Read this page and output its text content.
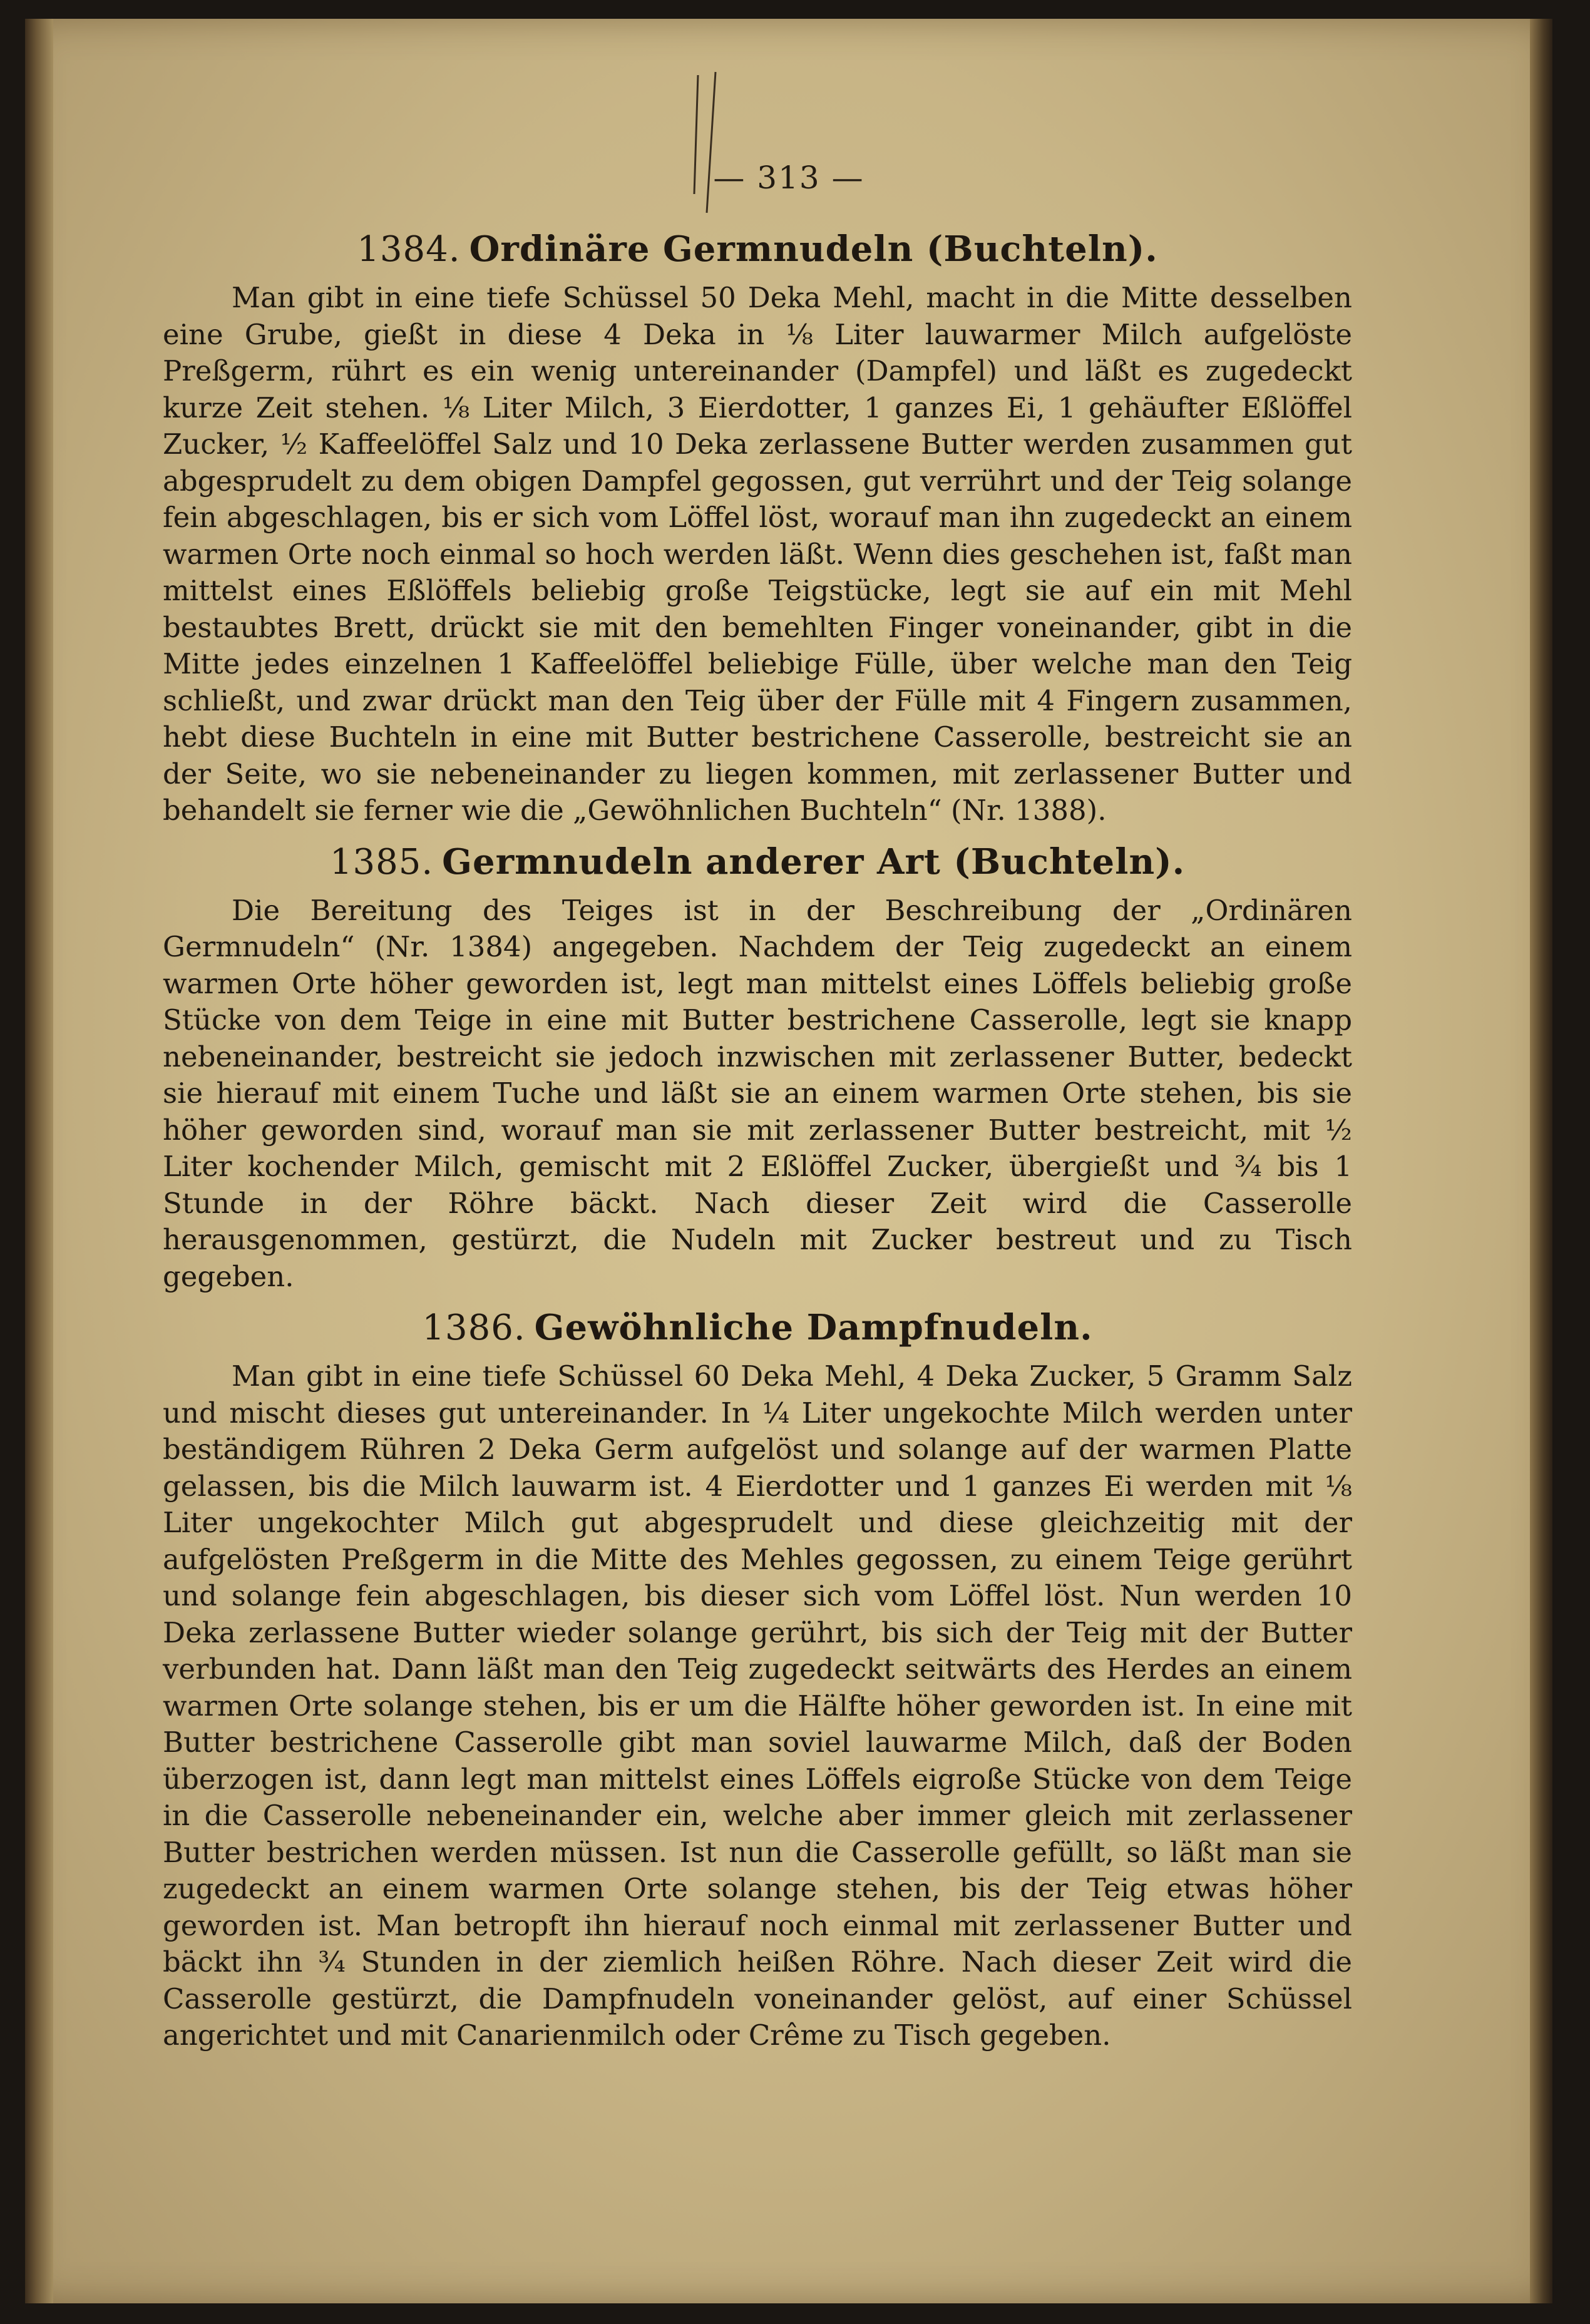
— 313 —
1384. Ordinäre Germnudeln (Buchteln).

Man gibt in eine tiefe Schüssel 50 Deka Mehl, macht in die Mitte desselben eine Grube, gießt in diese 4 Deka in ⅛ Liter lauwarmer Milch aufgelöste Preßgerm, rührt es ein wenig untereinander (Dampfel) und läßt es zugedeckt kurze Zeit stehen. ⅛ Liter Milch, 3 Eierdotter, 1 ganzes Ei, 1 gehäufter Eßlöffel Zucker, ½ Kaffeelöffel Salz und 10 Deka zerlassene Butter werden zusammen gut abgesprudelt zu dem obigen Dampfel gegossen, gut verrührt und der Teig solange fein abgeschlagen, bis er sich vom Löffel löst, worauf man ihn zugedeckt an einem warmen Orte noch einmal so hoch werden läßt. Wenn dies geschehen ist, faßt man mittelst eines Eßlöffels beliebig große Teigstücke, legt sie auf ein mit Mehl bestaubtes Brett, drückt sie mit den bemehlten Finger voneinander, gibt in die Mitte jedes einzelnen 1 Kaffeelöffel beliebige Fülle, über welche man den Teig schließt, und zwar drückt man den Teig über der Fülle mit 4 Fingern zusammen, hebt diese Buchteln in eine mit Butter bestrichene Casserolle, bestreicht sie an der Seite, wo sie nebeneinander zu liegen kommen, mit zerlassener Butter und behandelt sie ferner wie die „Gewöhnlichen Buchteln“ (Nr. 1388).

1385. Germnudeln anderer Art (Buchteln).

Die Bereitung des Teiges ist in der Beschreibung der „Ordinären Germnudeln“ (Nr. 1384) angegeben. Nachdem der Teig zugedeckt an einem warmen Orte höher geworden ist, legt man mittelst eines Löffels beliebig große Stücke von dem Teige in eine mit Butter bestrichene Casserolle, legt sie knapp nebeneinander, bestreicht sie jedoch inzwischen mit zerlassener Butter, bedeckt sie hierauf mit einem Tuche und läßt sie an einem warmen Orte stehen, bis sie höher geworden sind, worauf man sie mit zerlassener Butter bestreicht, mit ½ Liter kochender Milch, gemischt mit 2 Eßlöffel Zucker, übergießt und ¾ bis 1 Stunde in der Röhre bäckt. Nach dieser Zeit wird die Casserolle herausgenommen, gestürzt, die Nudeln mit Zucker bestreut und zu Tisch gegeben.

1386. Gewöhnliche Dampfnudeln.

Man gibt in eine tiefe Schüssel 60 Deka Mehl, 4 Deka Zucker, 5 Gramm Salz und mischt dieses gut untereinander. In ¼ Liter ungekochte Milch werden unter beständigem Rühren 2 Deka Germ aufgelöst und solange auf der warmen Platte gelassen, bis die Milch lauwarm ist. 4 Eierdotter und 1 ganzes Ei werden mit ⅛ Liter ungekochter Milch gut abgesprudelt und diese gleichzeitig mit der aufgelösten Preßgerm in die Mitte des Mehles gegossen, zu einem Teige gerührt und solange fein abgeschlagen, bis dieser sich vom Löffel löst. Nun werden 10 Deka zerlassene Butter wieder solange gerührt, bis sich der Teig mit der Butter verbunden hat. Dann läßt man den Teig zugedeckt seitwärts des Herdes an einem warmen Orte solange stehen, bis er um die Hälfte höher geworden ist. In eine mit Butter bestrichene Casserolle gibt man soviel lauwarme Milch, daß der Boden überzogen ist, dann legt man mittelst eines Löffels eigroße Stücke von dem Teige in die Casserolle nebeneinander ein, welche aber immer gleich mit zerlassener Butter bestrichen werden müssen. Ist nun die Casserolle gefüllt, so läßt man sie zugedeckt an einem warmen Orte solange stehen, bis der Teig etwas höher geworden ist. Man betropft ihn hierauf noch einmal mit zerlassener Butter und bäckt ihn ¾ Stunden in der ziemlich heißen Röhre. Nach dieser Zeit wird die Casserolle gestürzt, die Dampfnudeln voneinander gelöst, auf einer Schüssel angerichtet und mit Canarienmilch oder Crême zu Tisch gegeben.
